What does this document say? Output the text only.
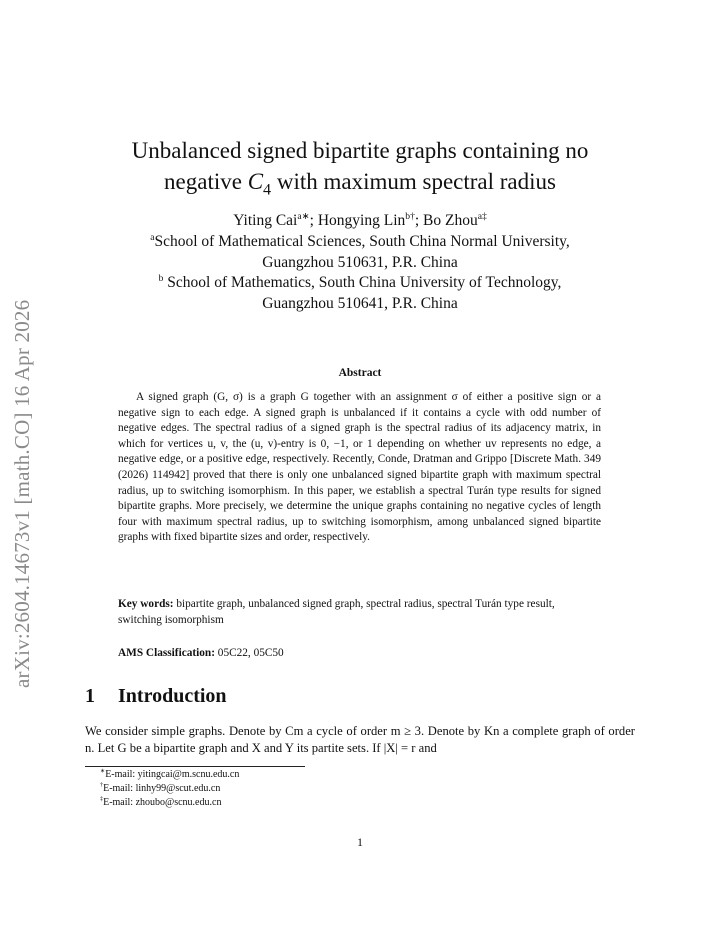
arXiv:2604.14673v1 [math.CO] 16 Apr 2026
Unbalanced signed bipartite graphs containing no
negative $C_4$ with maximum spectral radius
Yiting Cai$^{a∗}$; Hongying Lin$^{b\dagger}$; Bo Zhou$^{a\ddagger}$
$^a$School of Mathematical Sciences, South China Normal University,
Guangzhou 510631, P.R. China
$^b$ School of Mathematics, South China University of Technology,
Guangzhou 510641, P.R. China
Abstract
A signed graph (G, σ) is a graph G together with an assignment σ of either a positive sign or a negative sign to each edge. A signed graph is unbalanced if it contains a cycle with odd number of negative edges. The spectral radius of a signed graph is the spectral radius of its adjacency matrix, in which for vertices u, v, the (u, v)-entry is 0, −1, or 1 depending on whether uv represents no edge, a negative edge, or a positive edge, respectively. Recently, Conde, Dratman and Grippo [Discrete Math. 349 (2026) 114942] proved that there is only one unbalanced signed bipartite graph with maximum spectral radius, up to switching isomorphism. In this paper, we establish a spectral Turán type results for signed bipartite graphs. More precisely, we determine the unique graphs containing no negative cycles of length four with maximum spectral radius, up to switching isomorphism, among unbalanced signed bipartite graphs with fixed bipartite sizes and order, respectively.
Key words: bipartite graph, unbalanced signed graph, spectral radius, spectral Turán type result, switching isomorphism
AMS Classification: 05C22, 05C50
1 Introduction
We consider simple graphs. Denote by Cm a cycle of order m ≥ 3. Denote by Kn a complete graph of order n. Let G be a bipartite graph and X and Y its partite sets. If |X| = r and
∗E-mail: yitingcai@m.scnu.edu.cn
†E-mail: linhy99@scut.edu.cn
‡E-mail: zhoubo@scnu.edu.cn
1
